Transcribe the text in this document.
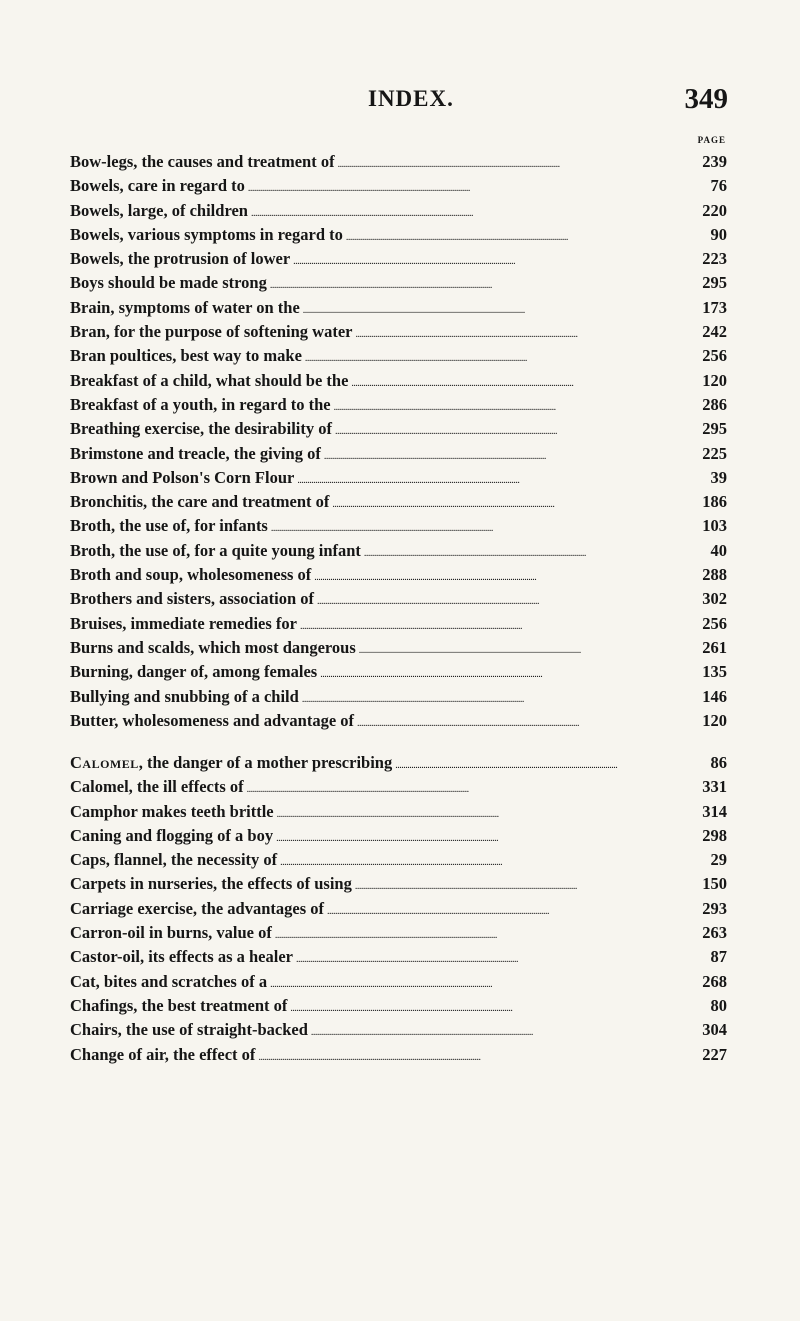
INDEX.	349
PAGE
Bow-legs, the causes and treatment of . . .	239
Bowels, care in regard to . . .	76
Bowels, large, of children . . .	220
Bowels, various symptoms in regard to . . .	90
Bowels, the protrusion of lower . . .	223
Boys should be made strong . . .	295
Brain, symptoms of water on the . . .	173
Bran, for the purpose of softening water . . .	242
Bran poultices, best way to make . . .	256
Breakfast of a child, what should be the . . .	120
Breakfast of a youth, in regard to the . . .	286
Breathing exercise, the desirability of . . .	295
Brimstone and treacle, the giving of . . .	225
Brown and Polson's Corn Flour . . .	39
Bronchitis, the care and treatment of . . .	186
Broth, the use of, for infants . . .	103
Broth, the use of, for a quite young infant . . .	40
Broth and soup, wholesomeness of . . .	288
Brothers and sisters, association of . . .	302
Bruises, immediate remedies for . . .	256
Burns and scalds, which most dangerous . . .	261
Burning, danger of, among females . . .	135
Bullying and snubbing of a child . . .	146
Butter, wholesomeness and advantage of . . .	120
Calomel, the danger of a mother prescribing . . .	86
Calomel, the ill effects of . . .	331
Camphor makes teeth brittle . . .	314
Caning and flogging of a boy . . .	298
Caps, flannel, the necessity of . . .	29
Carpets in nurseries, the effects of using . . .	150
Carriage exercise, the advantages of . . .	293
Carron-oil in burns, value of . . .	263
Castor-oil, its effects as a healer . . .	87
Cat, bites and scratches of a . . .	268
Chafings, the best treatment of . . .	80
Chairs, the use of straight-backed . . .	304
Change of air, the effect of . . .	227
